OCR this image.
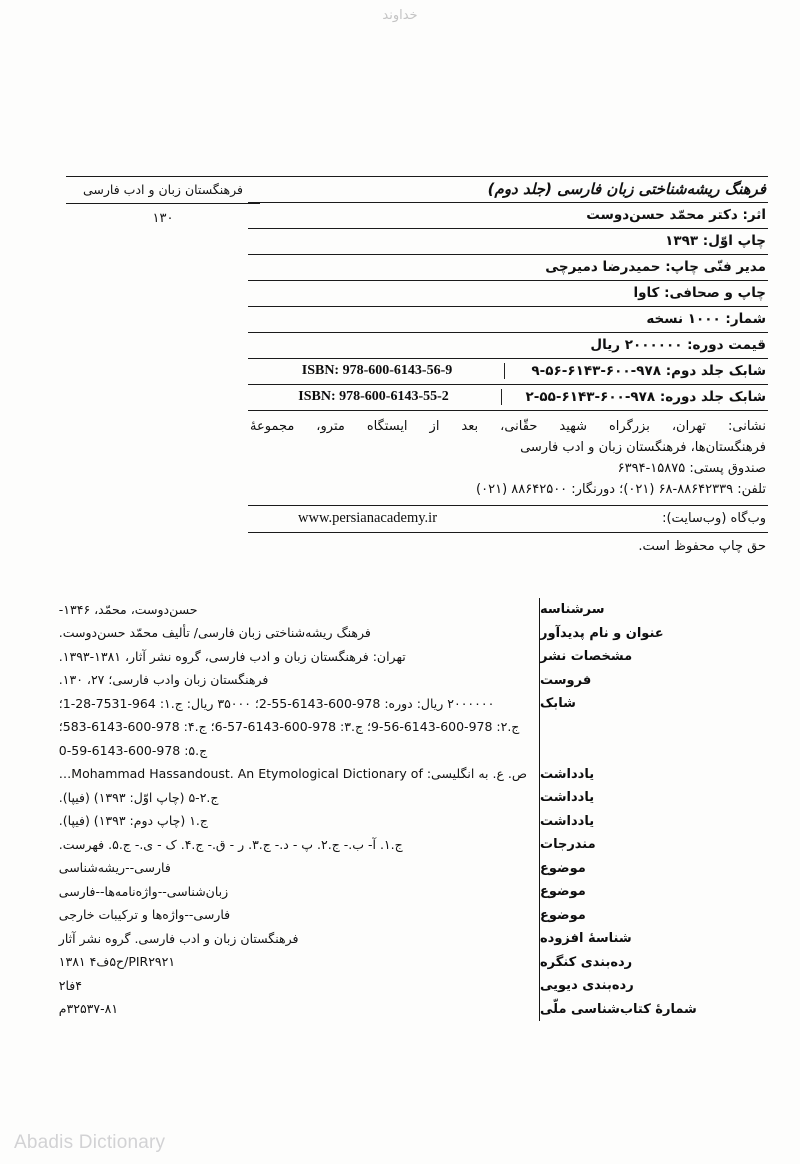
خداوند
فرهنگستان زبان و ادب فارسی
۱۳۰
فرهنگ ریشه‌شناختی زبان فارسی (جلد دوم)
اثر: دکتر محمّد حسن‌دوست
چاپ اوّل: ۱۳۹۳
مدیر فنّی چاپ: حمیدرضا دمیرچی
چاپ و صحافی: کاوا
شمار: ۱۰۰۰ نسخه
قیمت دوره: ۲۰۰۰۰۰۰ ریال
شابک جلد دوم: ۹۷۸-۶۰۰-۶۱۴۳-۵۶-۹
ISBN: 978-600-6143-56-9
شابک جلد دوره: ۹۷۸-۶۰۰-۶۱۴۳-۵۵-۲
ISBN: 978-600-6143-55-2
نشانی: تهران، بزرگراه شهید حقّانی، بعد از ایستگاه مترو، مجموعۀ
فرهنگستان‌ها، فرهنگستان زبان و ادب فارسی
صندوق پستی: ۱۵۸۷۵-۶۳۹۴
تلفن: ۸۸۶۴۲۳۳۹-۶۸ (۰۲۱)؛ دورنگار: ۸۸۶۴۲۵۰۰ (۰۲۱)
وب‌گاه (وب‌سایت):
www.persianacademy.ir
حق چاپ محفوظ است.
سرشناسه
عنوان و نام پدیدآور
مشخصات نشر
فروست
شابک
یادداشت
یادداشت
یادداشت
مندرجات
موضوع
موضوع
موضوع
شناسۀ افزوده
رده‌بندی کنگره
رده‌بندی دیویی
شمارۀ کتاب‌شناسی ملّی
حسن‌دوست، محمّد، ۱۳۴۶-
فرهنگ ریشه‌شناختی زبان فارسی/ تألیف محمّد حسن‌دوست.
تهران: فرهنگستان زبان و ادب فارسی، گروه نشر آثار، ۱۳۸۱-۱۳۹۳.
فرهنگستان زبان وادب فارسی؛ ۲۷، ۱۳۰.
۲۰۰۰۰۰۰ ریال: دوره: 978-600-6143-55-2؛ ۳۵۰۰۰ ریال: ج.۱: 964-7531-28-1؛
ج.۲: 978-600-6143-56-9؛ ج.۳: 978-600-6143-57-6؛ ج.۴: 978-600-6143-583؛
ج.۵: 978-600-6143-59-0
ص. ع. به انگلیسی: Mohammad Hassandoust. An Etymological Dictionary of…
ج.۲-۵ (چاپ اوّل: ۱۳۹۳) (فیپا).
ج.۱ (چاپ دوم: ۱۳۹۳) (فیپا).
ج.۱. آ- ب.- ج.۲. پ - د.- ج.۳. ر - ق.- ج.۴. ک - ی.- ج.۵. فهرست.
فارسی--ریشه‌شناسی
زبان‌شناسی--واژه‌نامه‌ها--فارسی
فارسی--واژه‌ها و ترکیبات خارجی
فرهنگستان زبان و ادب فارسی. گروه نشر آثار
PIR۲۹۲۱/ح۵ف۴ ۱۳۸۱
۴فا۲
۳۲۵۳۷-۸۱م
Abadis Dictionary
